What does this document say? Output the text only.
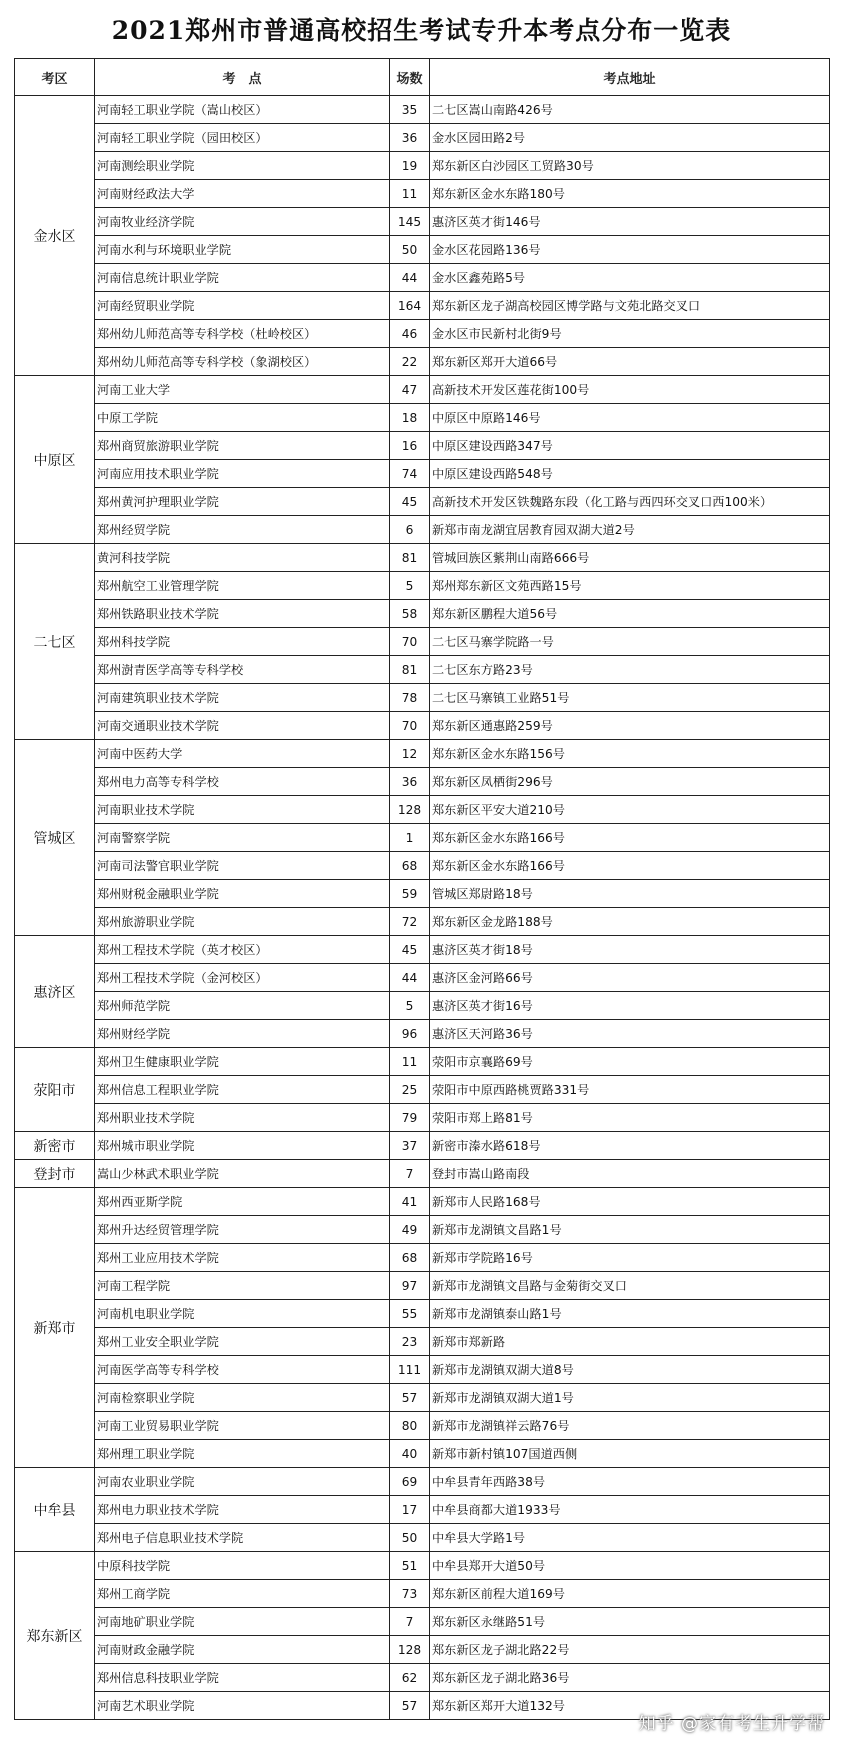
2021郑州市普通高校招生考试专升本考点分布一览表
考区	考　点	场数	考点地址
金水区	河南轻工职业学院（嵩山校区）	35	二七区嵩山南路426号
	河南轻工职业学院（园田校区）	36	金水区园田路2号
	河南测绘职业学院	19	郑东新区白沙园区工贸路30号
	河南财经政法大学	11	郑东新区金水东路180号
	河南牧业经济学院	145	惠济区英才街146号
	河南水利与环境职业学院	50	金水区花园路136号
	河南信息统计职业学院	44	金水区鑫苑路5号
	河南经贸职业学院	164	郑东新区龙子湖高校园区博学路与文苑北路交叉口
	郑州幼儿师范高等专科学校（杜岭校区）	46	金水区市民新村北街9号
	郑州幼儿师范高等专科学校（象湖校区）	22	郑东新区郑开大道66号
中原区	河南工业大学	47	高新技术开发区莲花街100号
	中原工学院	18	中原区中原路146号
	郑州商贸旅游职业学院	16	中原区建设西路347号
	河南应用技术职业学院	74	中原区建设西路548号
	郑州黄河护理职业学院	45	高新技术开发区铁魏路东段（化工路与西四环交叉口西100米）
	郑州经贸学院	6	新郑市南龙湖宜居教育园双湖大道2号
二七区	黄河科技学院	81	管城回族区紫荆山南路666号
	郑州航空工业管理学院	5	郑州郑东新区文苑西路15号
	郑州铁路职业技术学院	58	郑东新区鹏程大道56号
	郑州科技学院	70	二七区马寨学院路一号
	郑州澍青医学高等专科学校	81	二七区东方路23号
	河南建筑职业技术学院	78	二七区马寨镇工业路51号
	河南交通职业技术学院	70	郑东新区通惠路259号
管城区	河南中医药大学	12	郑东新区金水东路156号
	郑州电力高等专科学校	36	郑东新区凤栖街296号
	河南职业技术学院	128	郑东新区平安大道210号
	河南警察学院	1	郑东新区金水东路166号
	河南司法警官职业学院	68	郑东新区金水东路166号
	郑州财税金融职业学院	59	管城区郑尉路18号
	郑州旅游职业学院	72	郑东新区金龙路188号
惠济区	郑州工程技术学院（英才校区）	45	惠济区英才街18号
	郑州工程技术学院（金河校区）	44	惠济区金河路66号
	郑州师范学院	5	惠济区英才街16号
	郑州财经学院	96	惠济区天河路36号
荥阳市	郑州卫生健康职业学院	11	荥阳市京襄路69号
	郑州信息工程职业学院	25	荥阳市中原西路桃贾路331号
	郑州职业技术学院	79	荥阳市郑上路81号
新密市	郑州城市职业学院	37	新密市溱水路618号
登封市	嵩山少林武术职业学院	7	登封市嵩山路南段
新郑市	郑州西亚斯学院	41	新郑市人民路168号
	郑州升达经贸管理学院	49	新郑市龙湖镇文昌路1号
	郑州工业应用技术学院	68	新郑市学院路16号
	河南工程学院	97	新郑市龙湖镇文昌路与金菊街交叉口
	河南机电职业学院	55	新郑市龙湖镇泰山路1号
	郑州工业安全职业学院	23	新郑市郑新路
	河南医学高等专科学校	111	新郑市龙湖镇双湖大道8号
	河南检察职业学院	57	新郑市龙湖镇双湖大道1号
	河南工业贸易职业学院	80	新郑市龙湖镇祥云路76号
	郑州理工职业学院	40	新郑市新村镇107国道西侧
中牟县	河南农业职业学院	69	中牟县青年西路38号
	郑州电力职业技术学院	17	中牟县商都大道1933号
	郑州电子信息职业技术学院	50	中牟县大学路1号
郑东新区	中原科技学院	51	中牟县郑开大道50号
	郑州工商学院	73	郑东新区前程大道169号
	河南地矿职业学院	7	郑东新区永继路51号
	河南财政金融学院	128	郑东新区龙子湖北路22号
	郑州信息科技职业学院	62	郑东新区龙子湖北路36号
	河南艺术职业学院	57	郑东新区郑开大道132号
知乎 @家有考生升学帮
